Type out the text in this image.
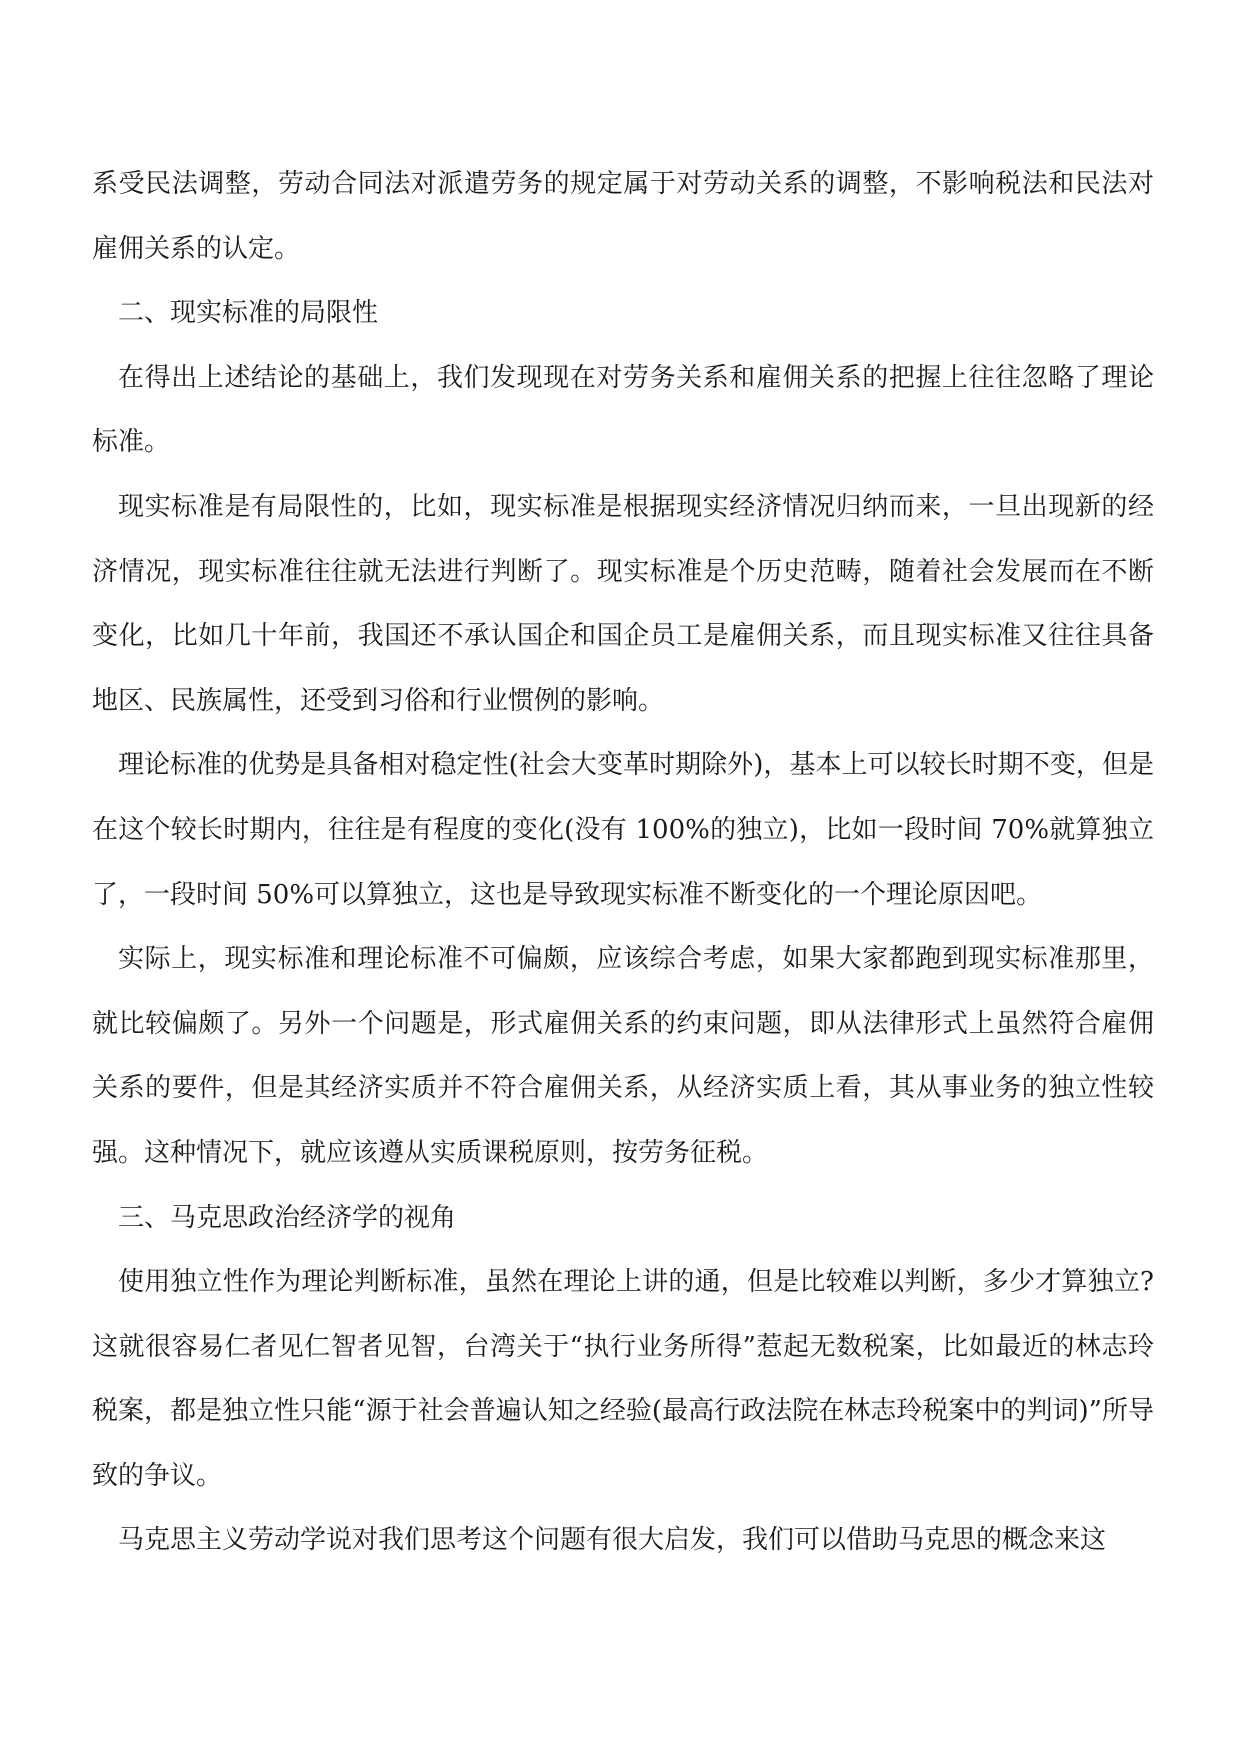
系受民法调整，劳动合同法对派遣劳务的规定属于对劳动关系的调整，不影响税法和民法对雇佣关系的认定。

二、现实标准的局限性

在得出上述结论的基础上，我们发现现在对劳务关系和雇佣关系的把握上往往忽略了理论标准。

现实标准是有局限性的，比如，现实标准是根据现实经济情况归纳而来，一旦出现新的经济情况，现实标准往往就无法进行判断了。现实标准是个历史范畴，随着社会发展而在不断变化，比如几十年前，我国还不承认国企和国企员工是雇佣关系，而且现实标准又往往具备地区、民族属性，还受到习俗和行业惯例的影响。

理论标准的优势是具备相对稳定性(社会大变革时期除外)，基本上可以较长时期不变，但是在这个较长时期内，往往是有程度的变化(没有 100%的独立)，比如一段时间 70%就算独立了，一段时间 50%可以算独立，这也是导致现实标准不断变化的一个理论原因吧。

实际上，现实标准和理论标准不可偏颇，应该综合考虑，如果大家都跑到现实标准那里，就比较偏颇了。另外一个问题是，形式雇佣关系的约束问题，即从法律形式上虽然符合雇佣关系的要件，但是其经济实质并不符合雇佣关系，从经济实质上看，其从事业务的独立性较强。这种情况下，就应该遵从实质课税原则，按劳务征税。

三、马克思政治经济学的视角

使用独立性作为理论判断标准，虽然在理论上讲的通，但是比较难以判断，多少才算独立?这就很容易仁者见仁智者见智，台湾关于“执行业务所得”惹起无数税案，比如最近的林志玲税案，都是独立性只能“源于社会普遍认知之经验(最高行政法院在林志玲税案中的判词)”所导致的争议。

马克思主义劳动学说对我们思考这个问题有很大启发，我们可以借助马克思的概念来这
